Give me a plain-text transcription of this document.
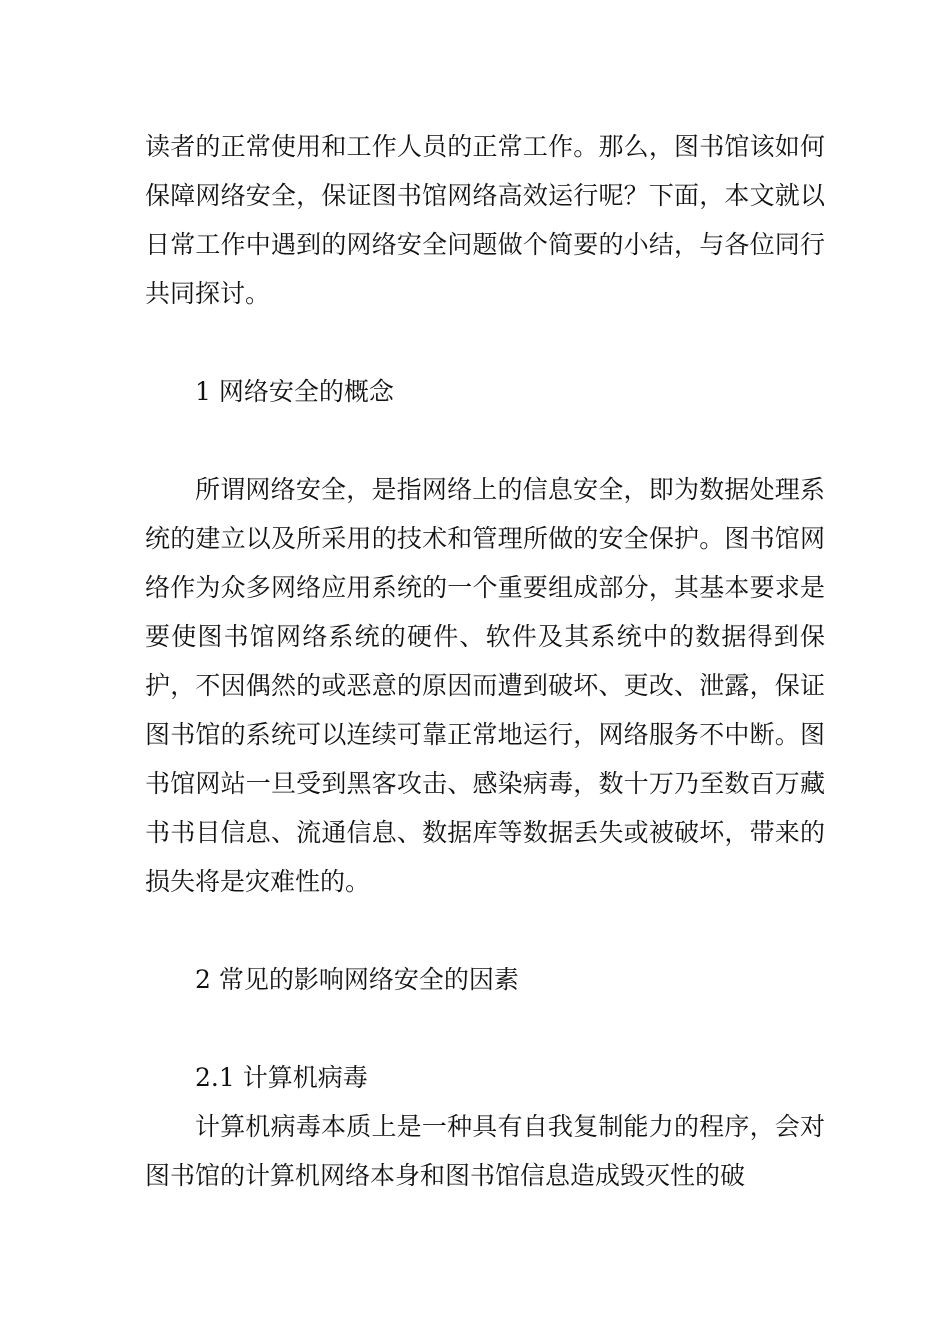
读者的正常使用和工作人员的正常工作。那么，图书馆该如何保障网络安全，保证图书馆网络高效运行呢？下面，本文就以日常工作中遇到的网络安全问题做个简要的小结，与各位同行共同探讨。

1 网络安全的概念

所谓网络安全，是指网络上的信息安全，即为数据处理系统的建立以及所采用的技术和管理所做的安全保护。图书馆网络作为众多网络应用系统的一个重要组成部分，其基本要求是要使图书馆网络系统的硬件、软件及其系统中的数据得到保护，不因偶然的或恶意的原因而遭到破坏、更改、泄露，保证图书馆的系统可以连续可靠正常地运行，网络服务不中断。图书馆网站一旦受到黑客攻击、感染病毒，数十万乃至数百万藏书书目信息、流通信息、数据库等数据丢失或被破坏，带来的损失将是灾难性的。

2 常见的影响网络安全的因素

2.1 计算机病毒

计算机病毒本质上是一种具有自我复制能力的程序，会对图书馆的计算机网络本身和图书馆信息造成毁灭性的破
